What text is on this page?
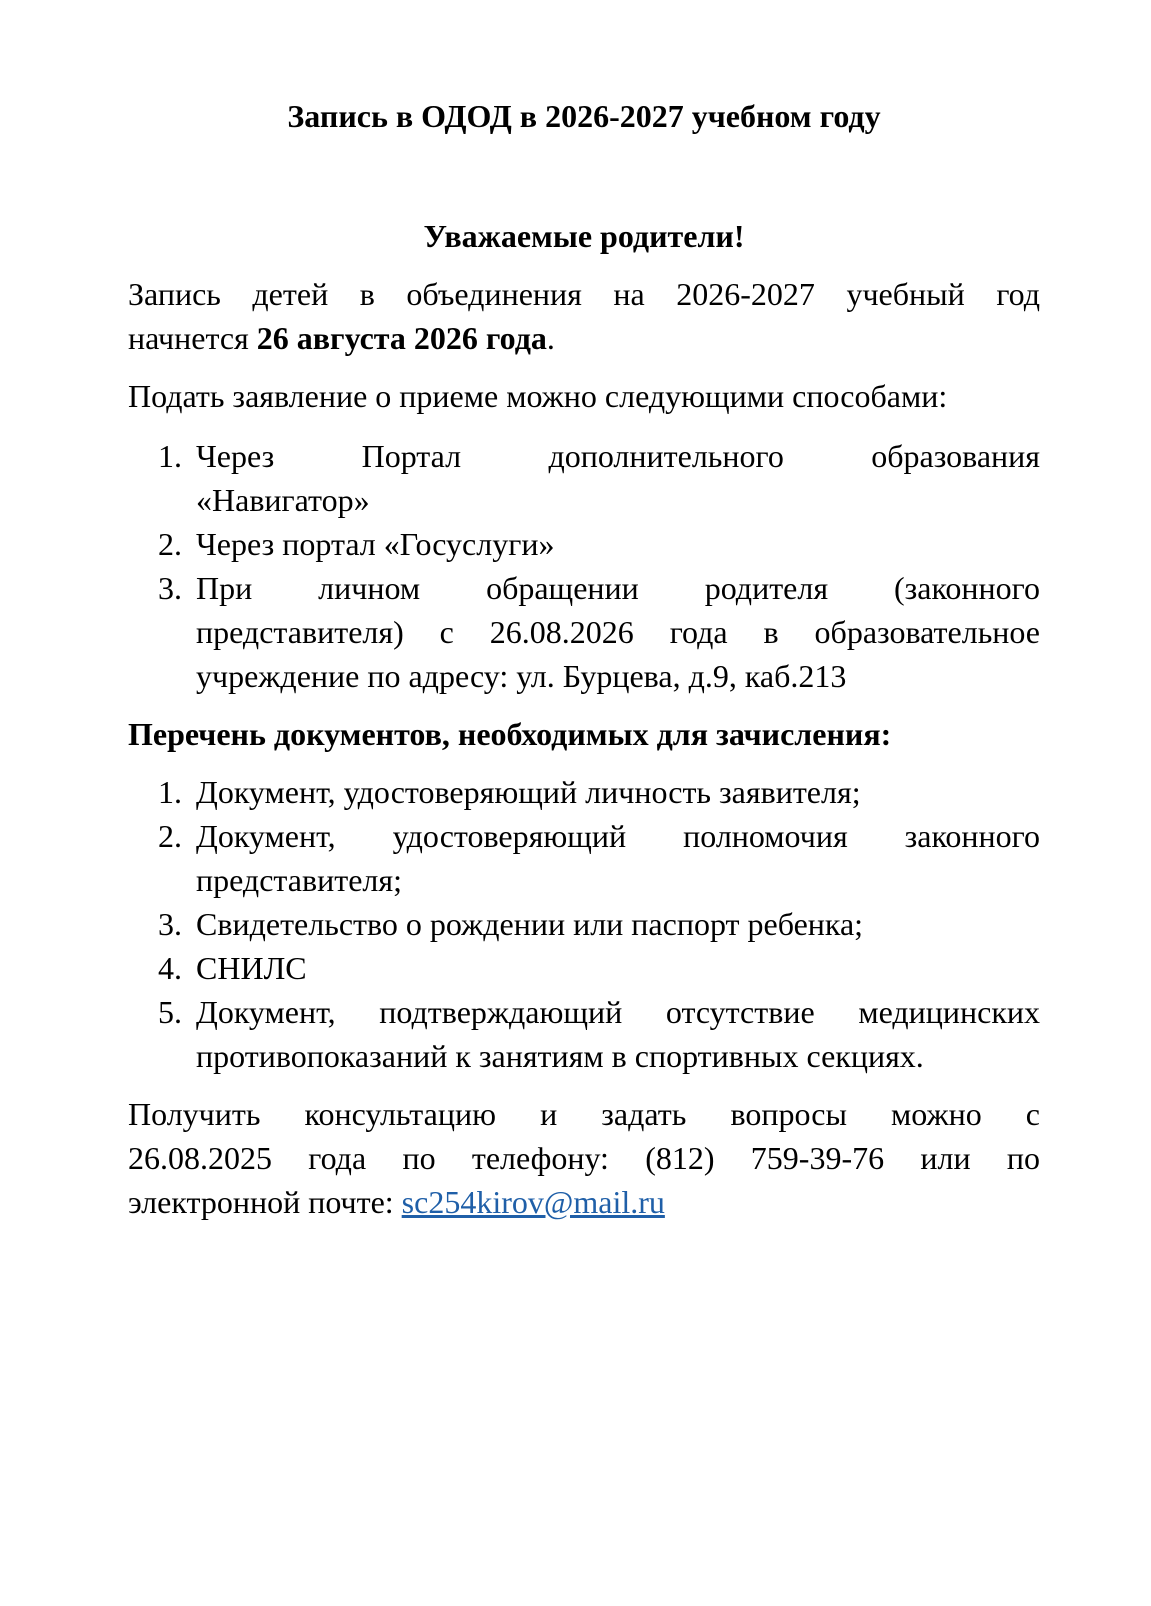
Запись в ОДОД в 2026-2027 учебном году

Уважаемые родители!

Запись детей в объединения на 2026-2027 учебный год
начнется 26 августа 2026 года.

Подать заявление о приеме можно следующими способами:

1. Через Портал дополнительного образования
«Навигатор»
2. Через портал «Госуслуги»
3. При личном обращении родителя (законного
представителя) с 26.08.2026 года в образовательное
учреждение по адресу: ул. Бурцева, д.9, каб.213

Перечень документов, необходимых для зачисления:

1. Документ, удостоверяющий личность заявителя;
2. Документ, удостоверяющий полномочия законного
представителя;
3. Свидетельство о рождении или паспорт ребенка;
4. СНИЛС
5. Документ, подтверждающий отсутствие медицинских
противопоказаний к занятиям в спортивных секциях.

Получить консультацию и задать вопросы можно с
26.08.2025 года по телефону: (812) 759-39-76 или по
электронной почте: sc254kirov@mail.ru
